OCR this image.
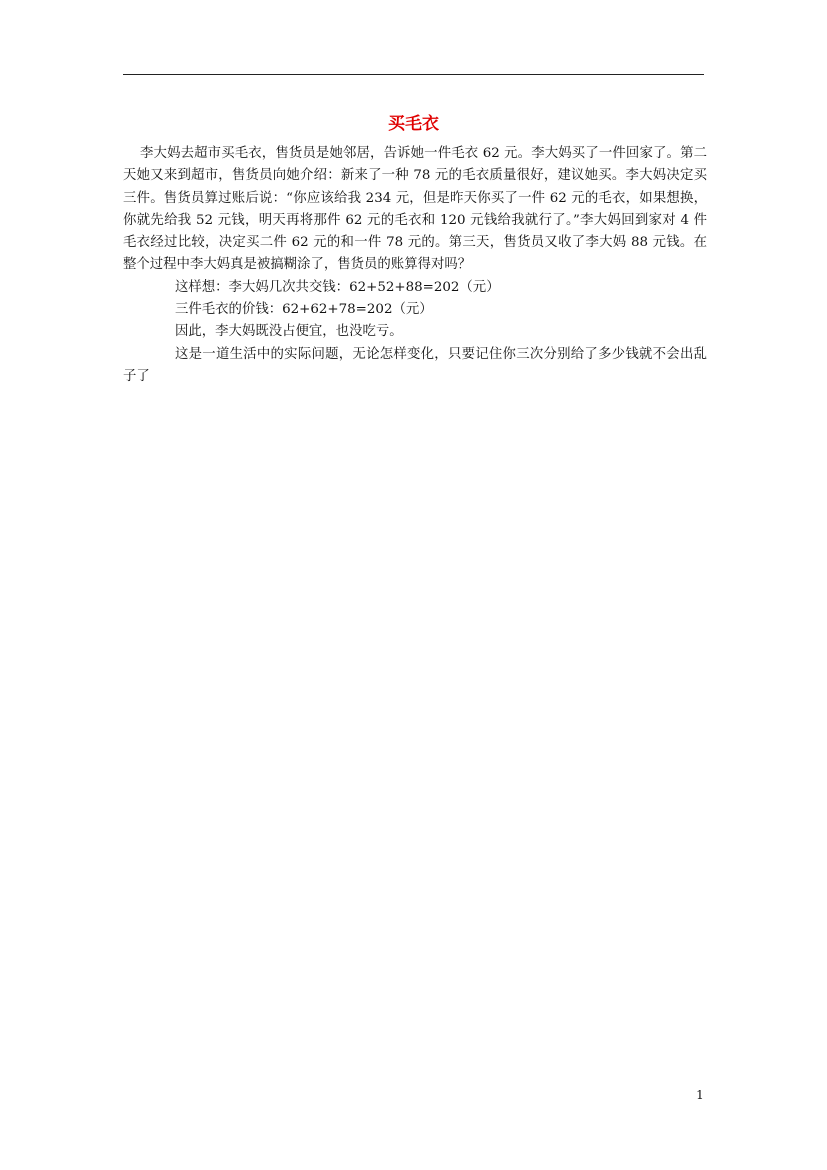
买毛衣

李大妈去超市买毛衣，售货员是她邻居，告诉她一件毛衣 62 元。李大妈买了一件回家了。第二天她又来到超市，售货员向她介绍：新来了一种 78 元的毛衣质量很好，建议她买。李大妈决定买三件。售货员算过账后说：“你应该给我 234 元，但是昨天你买了一件 62 元的毛衣，如果想换，你就先给我 52 元钱，明天再将那件 62 元的毛衣和 120 元钱给我就行了。”李大妈回到家对 4 件毛衣经过比较，决定买二件 62 元的和一件 78 元的。第三天，售货员又收了李大妈 88 元钱。在整个过程中李大妈真是被搞糊涂了，售货员的账算得对吗？

这样想：李大妈几次共交钱：62+52+88=202（元）

三件毛衣的价钱：62+62+78=202（元）

因此，李大妈既没占便宜，也没吃亏。

这是一道生活中的实际问题，无论怎样变化，只要记住你三次分别给了多少钱就不会出乱子了

1
